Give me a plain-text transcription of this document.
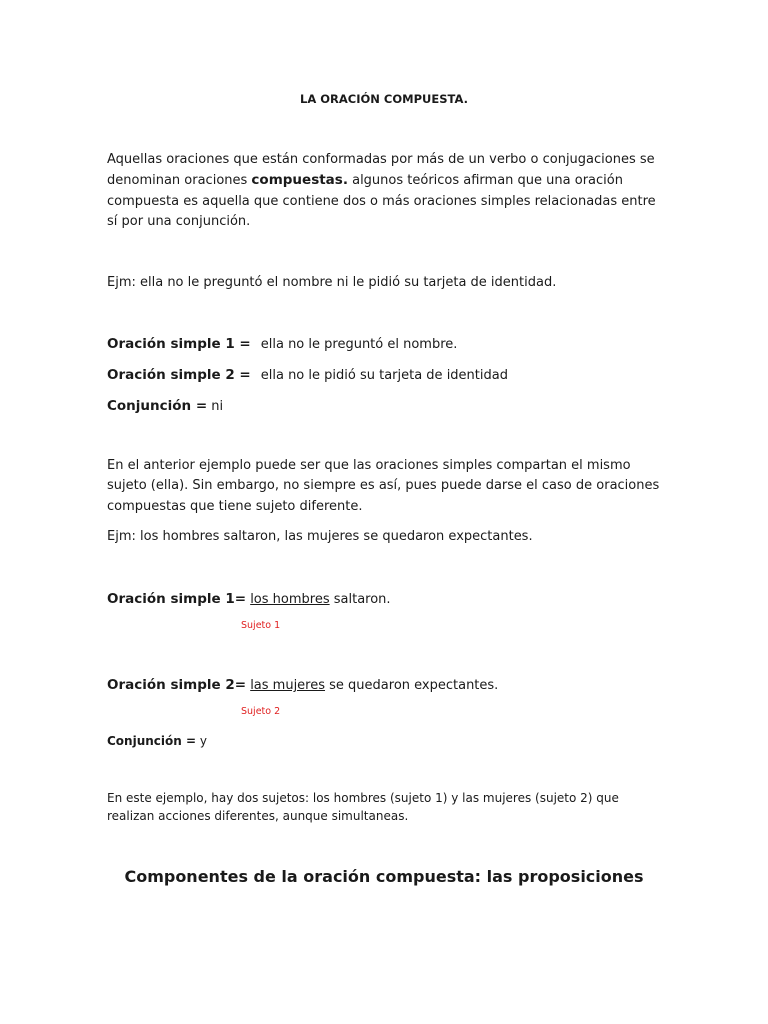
LA ORACIÓN COMPUESTA.
Aquellas oraciones que están conformadas por más de un verbo o conjugaciones se denominan oraciones compuestas. algunos teóricos afirman que una oración compuesta es aquella que contiene dos o más oraciones simples relacionadas entre sí por una conjunción.
Ejm: ella no le preguntó el nombre ni le pidió su tarjeta de identidad.
Oración simple 1 = ella no le preguntó el nombre.
Oración simple 2 = ella no le pidió su tarjeta de identidad
Conjunción = ni
En el anterior ejemplo puede ser que las oraciones simples compartan el mismo sujeto (ella). Sin embargo, no siempre es así, pues puede darse el caso de oraciones compuestas que tiene sujeto diferente.
Ejm: los hombres saltaron, las mujeres se quedaron expectantes.
Oración simple 1= los hombres saltaron.
Sujeto 1
Oración simple 2= las mujeres se quedaron expectantes.
Sujeto 2
Conjunción = y
En este ejemplo, hay dos sujetos: los hombres (sujeto 1) y las mujeres (sujeto 2) que realizan acciones diferentes, aunque simultaneas.
Componentes de la oración compuesta: las proposiciones
